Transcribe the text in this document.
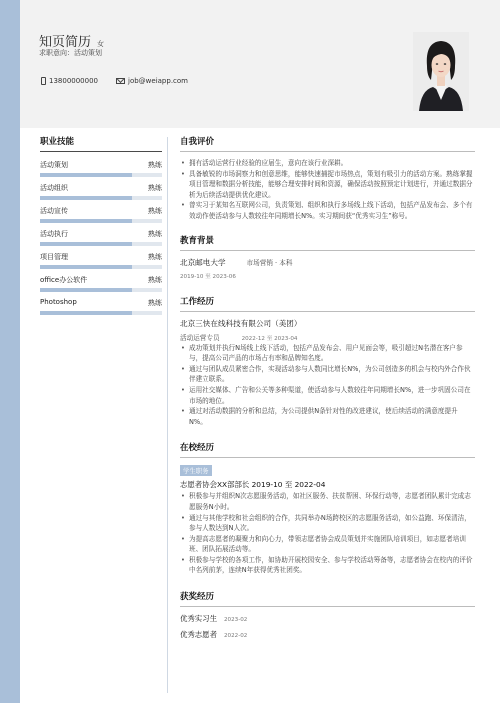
知页简历 女
求职意向：活动策划
13800000000	job@weiapp.com
职业技能
活动策划	熟练
活动组织	熟练
活动宣传	熟练
活动执行	熟练
项目管理	熟练
office办公软件	熟练
Photoshop	熟练
自我评价
• 拥有活动运营行业经验的应届生，意向在该行业深耕。
• 具备敏锐的市场洞察力和创意思维，能够快速捕捉市场热点，策划有吸引力的活动方案。熟练掌握项目管理和数据分析技能，能够合理安排时间和资源，确保活动按照预定计划进行，并通过数据分析为后续活动提供优化建议。
• 曾实习于某知名互联网公司，负责策划、组织和执行多场线上线下活动，包括产品发布会、多个有效动作使活动参与人数较往年同期增长N%。实习期间获“优秀实习生”称号。
教育背景
北京邮电大学	市场营销 · 本科
2019-10 至 2023-06
工作经历
北京三快在线科技有限公司（美团）
活动运营专员	2022-12 至 2023-04
• 成功策划并执行N场线上线下活动，包括产品发布会、用户见面会等，吸引超过N名潜在客户参与，提高公司产品的市场占有率和品牌知名度。
• 通过与团队成员紧密合作，实现活动参与人数同比增长N%，为公司创造多的机会与校内外合作伙伴建立联系。
• 运用社交媒体、广告和公关等多种渠道，使活动参与人数较往年同期增长N%，进一步巩固公司在市场的地位。
• 通过对活动数据的分析和总结，为公司提供N条针对性的改进建议，使后续活动的满意度提升N%。
在校经历
学生职务
志愿者协会XX部部长 2019-10 至 2022-04
• 积极参与并组织N次志愿服务活动，如社区服务、扶贫帮困、环保行动等，志愿者团队累计完成志愿服务N小时。
• 通过与其他学校和社会组织的合作，共同举办N场跨校区的志愿服务活动，如公益跑、环保清洁，参与人数达到N人次。
• 为提高志愿者的凝聚力和向心力，带领志愿者协会成员策划并实施团队培训项目，如志愿者培训班、团队拓展活动等。
• 积极参与学校的各项工作，如协助开展校园安全、参与学校活动筹备等，志愿者协会在校内的评价中名列前茅，连续N年获得优秀社团奖。
获奖经历
优秀实习生 2023-02
优秀志愿者 2022-02
